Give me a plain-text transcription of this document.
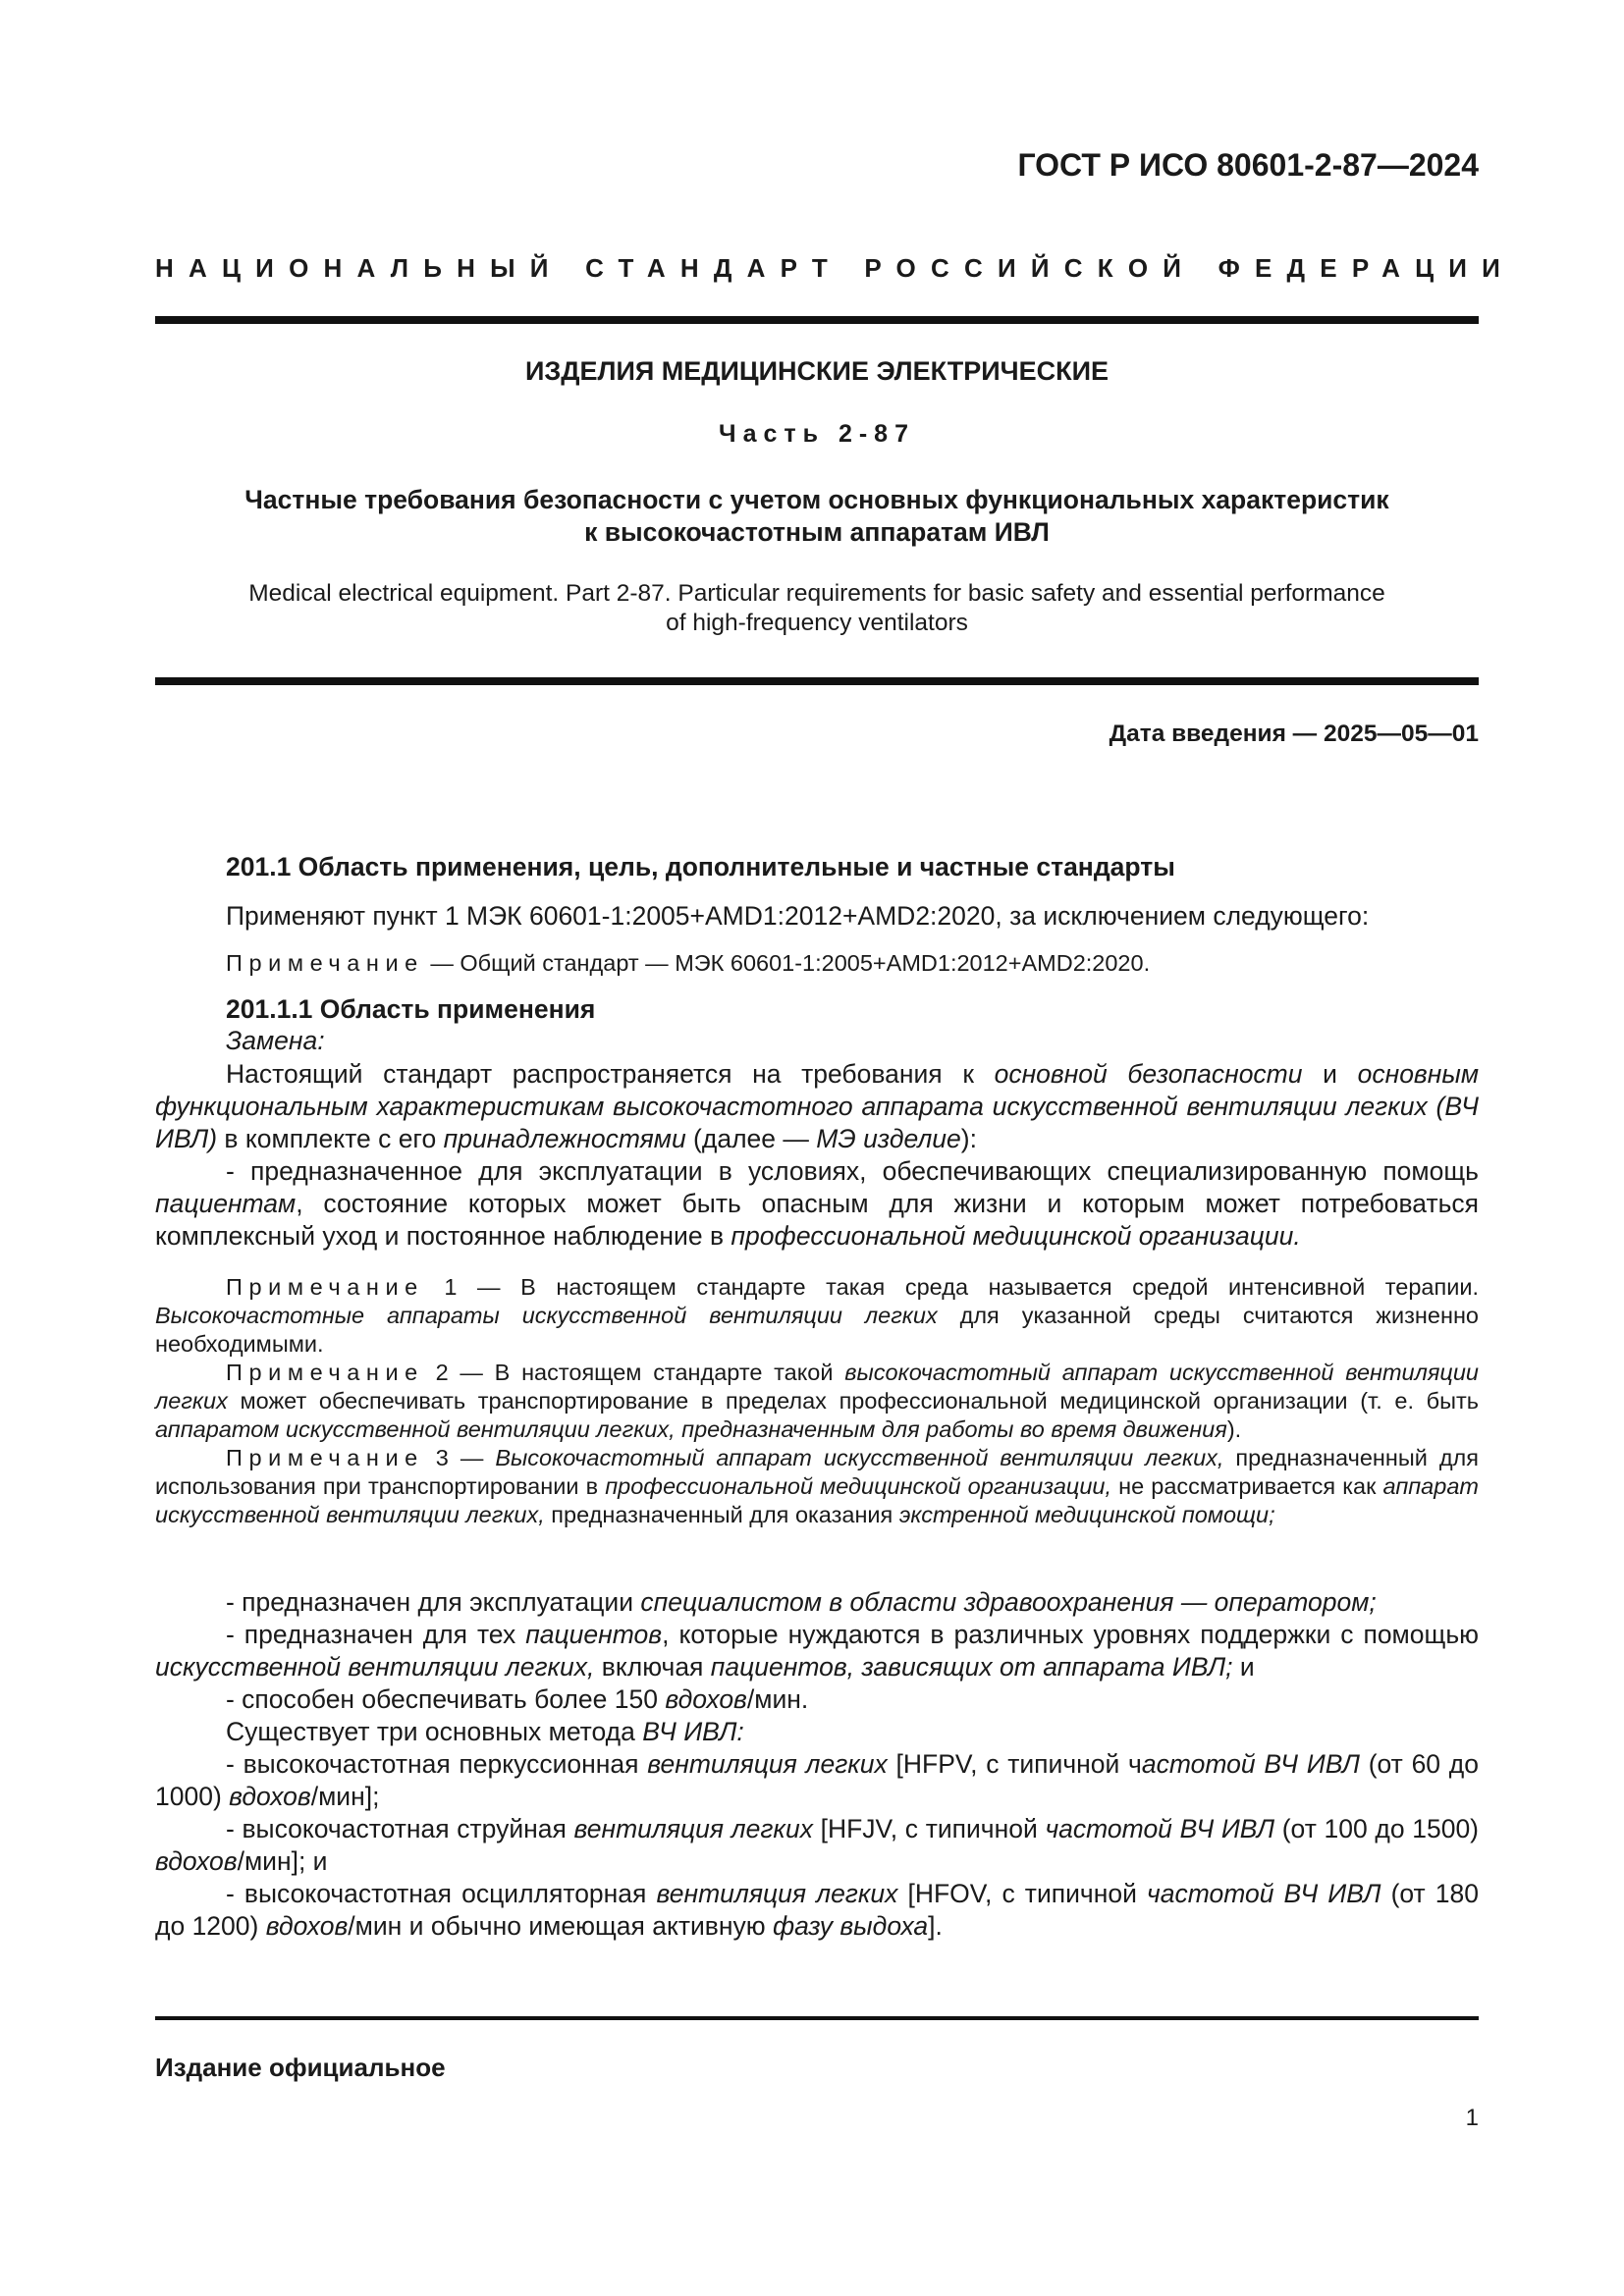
ГОСТ Р ИСО 80601-2-87—2024
НАЦИОНАЛЬНЫЙ СТАНДАРТ РОССИЙСКОЙ ФЕДЕРАЦИИ
ИЗДЕЛИЯ МЕДИЦИНСКИЕ ЭЛЕКТРИЧЕСКИЕ
Часть 2-87
Частные требования безопасности с учетом основных функциональных характеристик
к высокочастотным аппаратам ИВЛ
Medical electrical equipment. Part 2-87. Particular requirements for basic safety and essential performance
of high-frequency ventilators
Дата введения — 2025—05—01
201.1 Область применения, цель, дополнительные и частные стандарты
Применяют пункт 1 МЭК 60601-1:2005+AMD1:2012+AMD2:2020, за исключением следующего:
Примечание — Общий стандарт — МЭК 60601-1:2005+AMD1:2012+AMD2:2020.
201.1.1 Область применения
Замена:

Настоящий стандарт распространяется на требования к основной безопасности и основным функциональным характеристикам высокочастотного аппарата искусственной вентиляции легких (ВЧ ИВЛ) в комплекте с его принадлежностями (далее — МЭ изделие):

- предназначенное для эксплуатации в условиях, обеспечивающих специализированную помощь пациентам, состояние которых может быть опасным для жизни и которым может потребоваться комплексный уход и постоянное наблюдение в профессиональной медицинской организации.

Примечание 1 — В настоящем стандарте такая среда называется средой интенсивной терапии. Высокочастотные аппараты искусственной вентиляции легких для указанной среды считаются жизненно необходимыми.

Примечание 2 — В настоящем стандарте такой высокочастотный аппарат искусственной вентиляции легких может обеспечивать транспортирование в пределах профессиональной медицинской организации (т. е. быть аппаратом искусственной вентиляции легких, предназначенным для работы во время движения).

Примечание 3 — Высокочастотный аппарат искусственной вентиляции легких, предназначенный для использования при транспортировании в профессиональной медицинской организации, не рассматривается как аппарат искусственной вентиляции легких, предназначенный для оказания экстренной медицинской помощи;

- предназначен для эксплуатации специалистом в области здравоохранения — оператором;

- предназначен для тех пациентов, которые нуждаются в различных уровнях поддержки с помощью искусственной вентиляции легких, включая пациентов, зависящих от аппарата ИВЛ; и

- способен обеспечивать более 150 вдохов/мин.

Существует три основных метода ВЧ ИВЛ:

- высокочастотная перкуссионная вентиляция легких [HFPV, с типичной частотой ВЧ ИВЛ (от 60 до 1000) вдохов/мин];

- высокочастотная струйная вентиляция легких [HFJV, с типичной частотой ВЧ ИВЛ (от 100 до 1500) вдохов/мин]; и

- высокочастотная осцилляторная вентиляция легких [HFOV, с типичной частотой ВЧ ИВЛ (от 180 до 1200) вдохов/мин и обычно имеющая активную фазу выдоха].

Издание официальное
1
